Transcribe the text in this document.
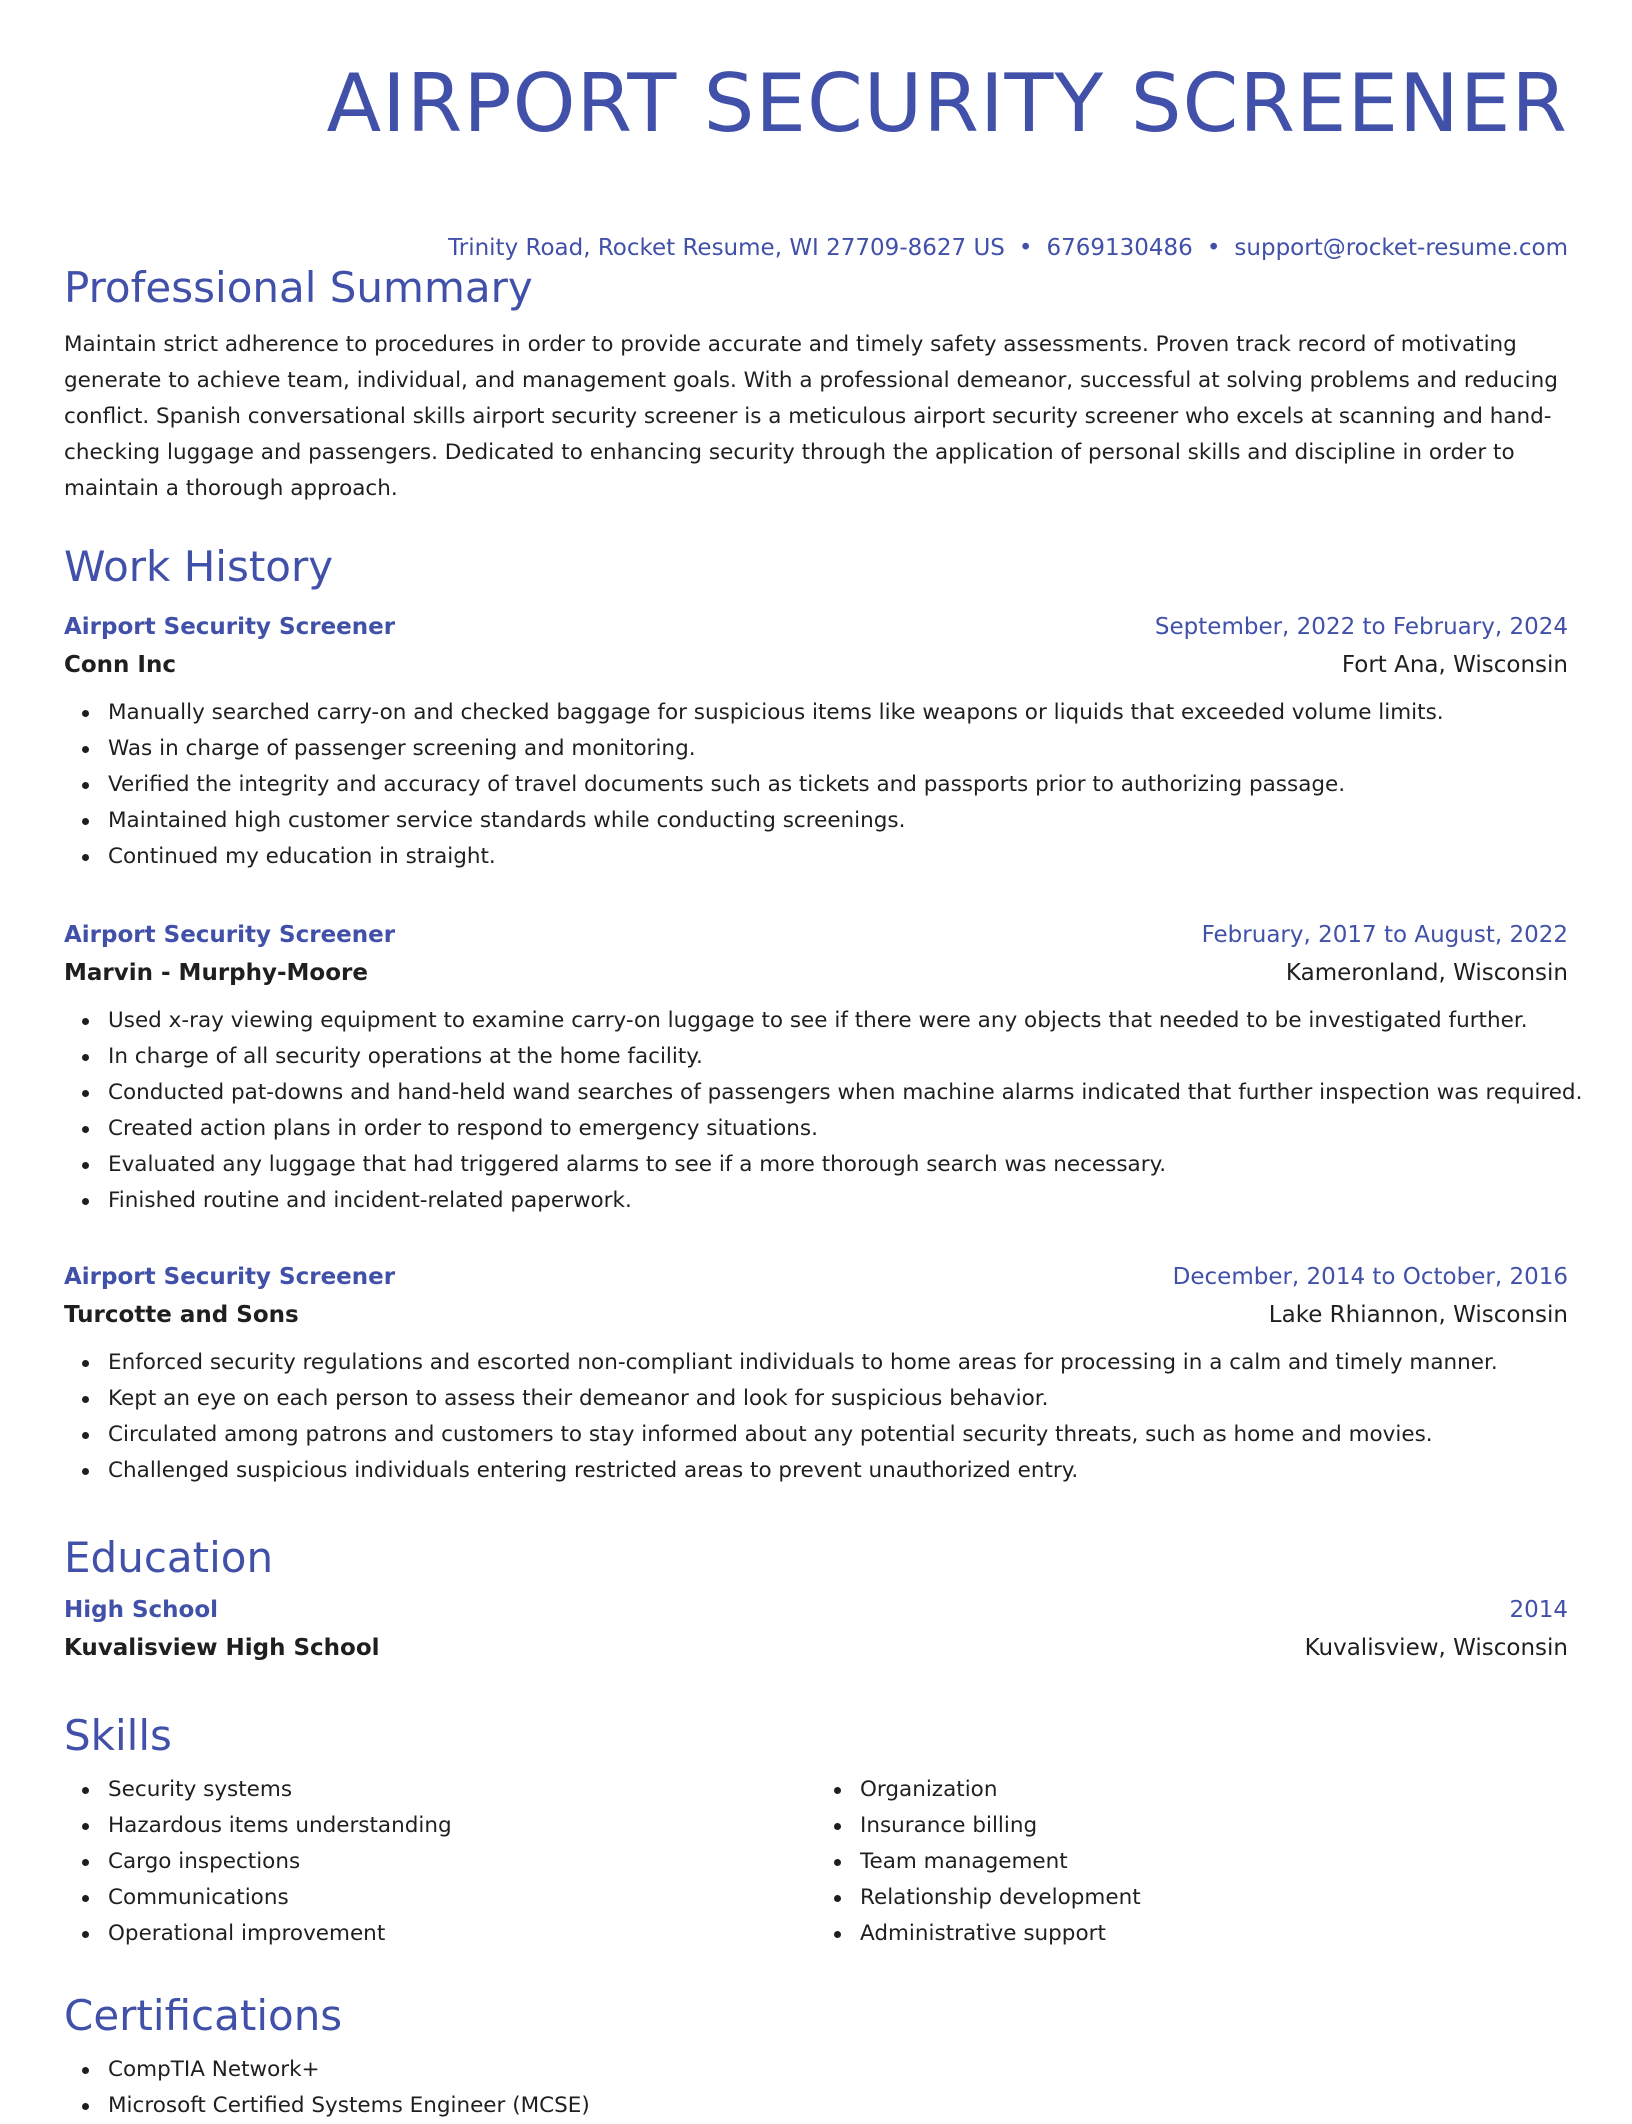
AIRPORT SECURITY SCREENER
Trinity Road, Rocket Resume, WI 27709-8627 US • 6769130486 • support@rocket-resume.com
Professional Summary

Maintain strict adherence to procedures in order to provide accurate and timely safety assessments. Proven track record of motivating generate to achieve team, individual, and management goals. With a professional demeanor, successful at solving problems and reducing conflict. Spanish conversational skills airport security screener is a meticulous airport security screener who excels at scanning and hand-checking luggage and passengers. Dedicated to enhancing security through the application of personal skills and discipline in order to maintain a thorough approach.

Work History
Airport Security Screener	September, 2022 to February, 2024
Conn Inc	Fort Ana, Wisconsin
Manually searched carry-on and checked baggage for suspicious items like weapons or liquids that exceeded volume limits.
Was in charge of passenger screening and monitoring.
Verified the integrity and accuracy of travel documents such as tickets and passports prior to authorizing passage.
Maintained high customer service standards while conducting screenings.
Continued my education in straight.
Airport Security Screener	February, 2017 to August, 2022
Marvin - Murphy-Moore	Kameronland, Wisconsin
Used x-ray viewing equipment to examine carry-on luggage to see if there were any objects that needed to be investigated further.
In charge of all security operations at the home facility.
Conducted pat-downs and hand-held wand searches of passengers when machine alarms indicated that further inspection was required.
Created action plans in order to respond to emergency situations.
Evaluated any luggage that had triggered alarms to see if a more thorough search was necessary.
Finished routine and incident-related paperwork.
Airport Security Screener	December, 2014 to October, 2016
Turcotte and Sons	Lake Rhiannon, Wisconsin
Enforced security regulations and escorted non-compliant individuals to home areas for processing in a calm and timely manner.
Kept an eye on each person to assess their demeanor and look for suspicious behavior.
Circulated among patrons and customers to stay informed about any potential security threats, such as home and movies.
Challenged suspicious individuals entering restricted areas to prevent unauthorized entry.
Education
High School	2014
Kuvalisview High School	Kuvalisview, Wisconsin
Skills
Security systems
Hazardous items understanding
Cargo inspections
Communications
Operational improvement
Organization
Insurance billing
Team management
Relationship development
Administrative support
Certifications
CompTIA Network+
Microsoft Certified Systems Engineer (MCSE)
